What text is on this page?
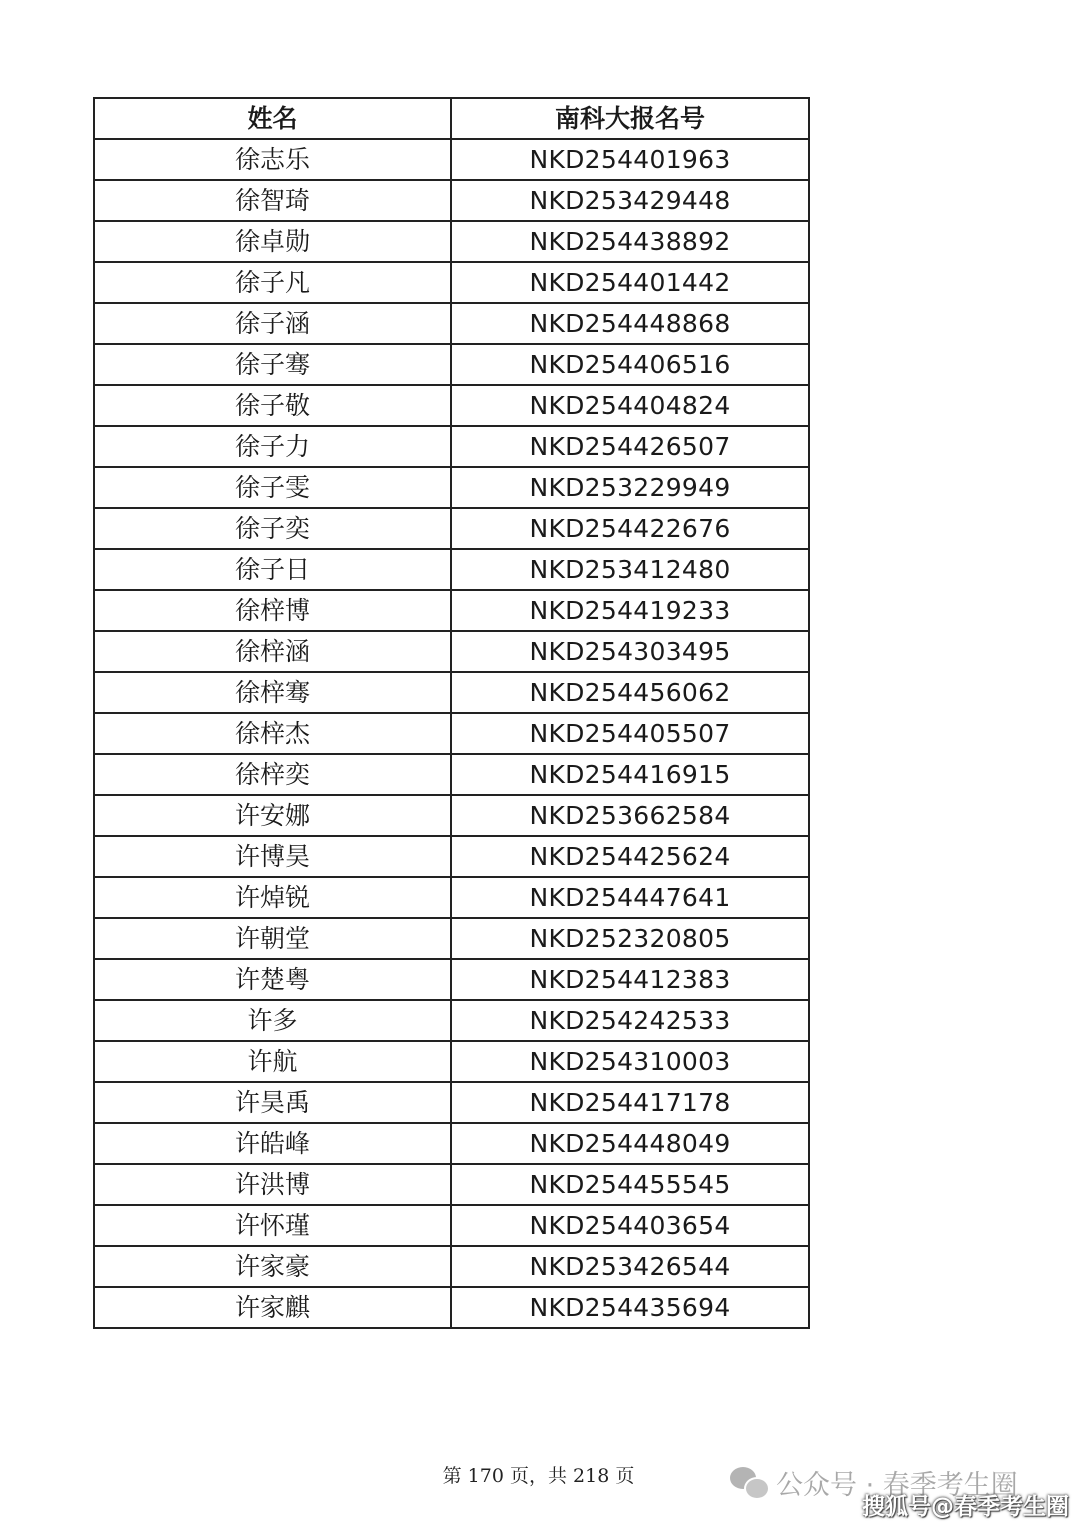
姓名	南科大报名号
徐志乐	NKD254401963
徐智琦	NKD253429448
徐卓勋	NKD254438892
徐子凡	NKD254401442
徐子涵	NKD254448868
徐子骞	NKD254406516
徐子敬	NKD254404824
徐子力	NKD254426507
徐子雯	NKD253229949
徐子奕	NKD254422676
徐子日	NKD253412480
徐梓博	NKD254419233
徐梓涵	NKD254303495
徐梓骞	NKD254456062
徐梓杰	NKD254405507
徐梓奕	NKD254416915
许安娜	NKD253662584
许博昊	NKD254425624
许焯锐	NKD254447641
许朝堂	NKD252320805
许楚粤	NKD254412383
许多	NKD254242533
许航	NKD254310003
许昊禹	NKD254417178
许皓峰	NKD254448049
许洪博	NKD254455545
许怀瑾	NKD254403654
许家豪	NKD253426544
许家麒	NKD254435694
第 170 页，共 218 页	公众号 · 春季考生圈
搜狐号@春季考生圈
